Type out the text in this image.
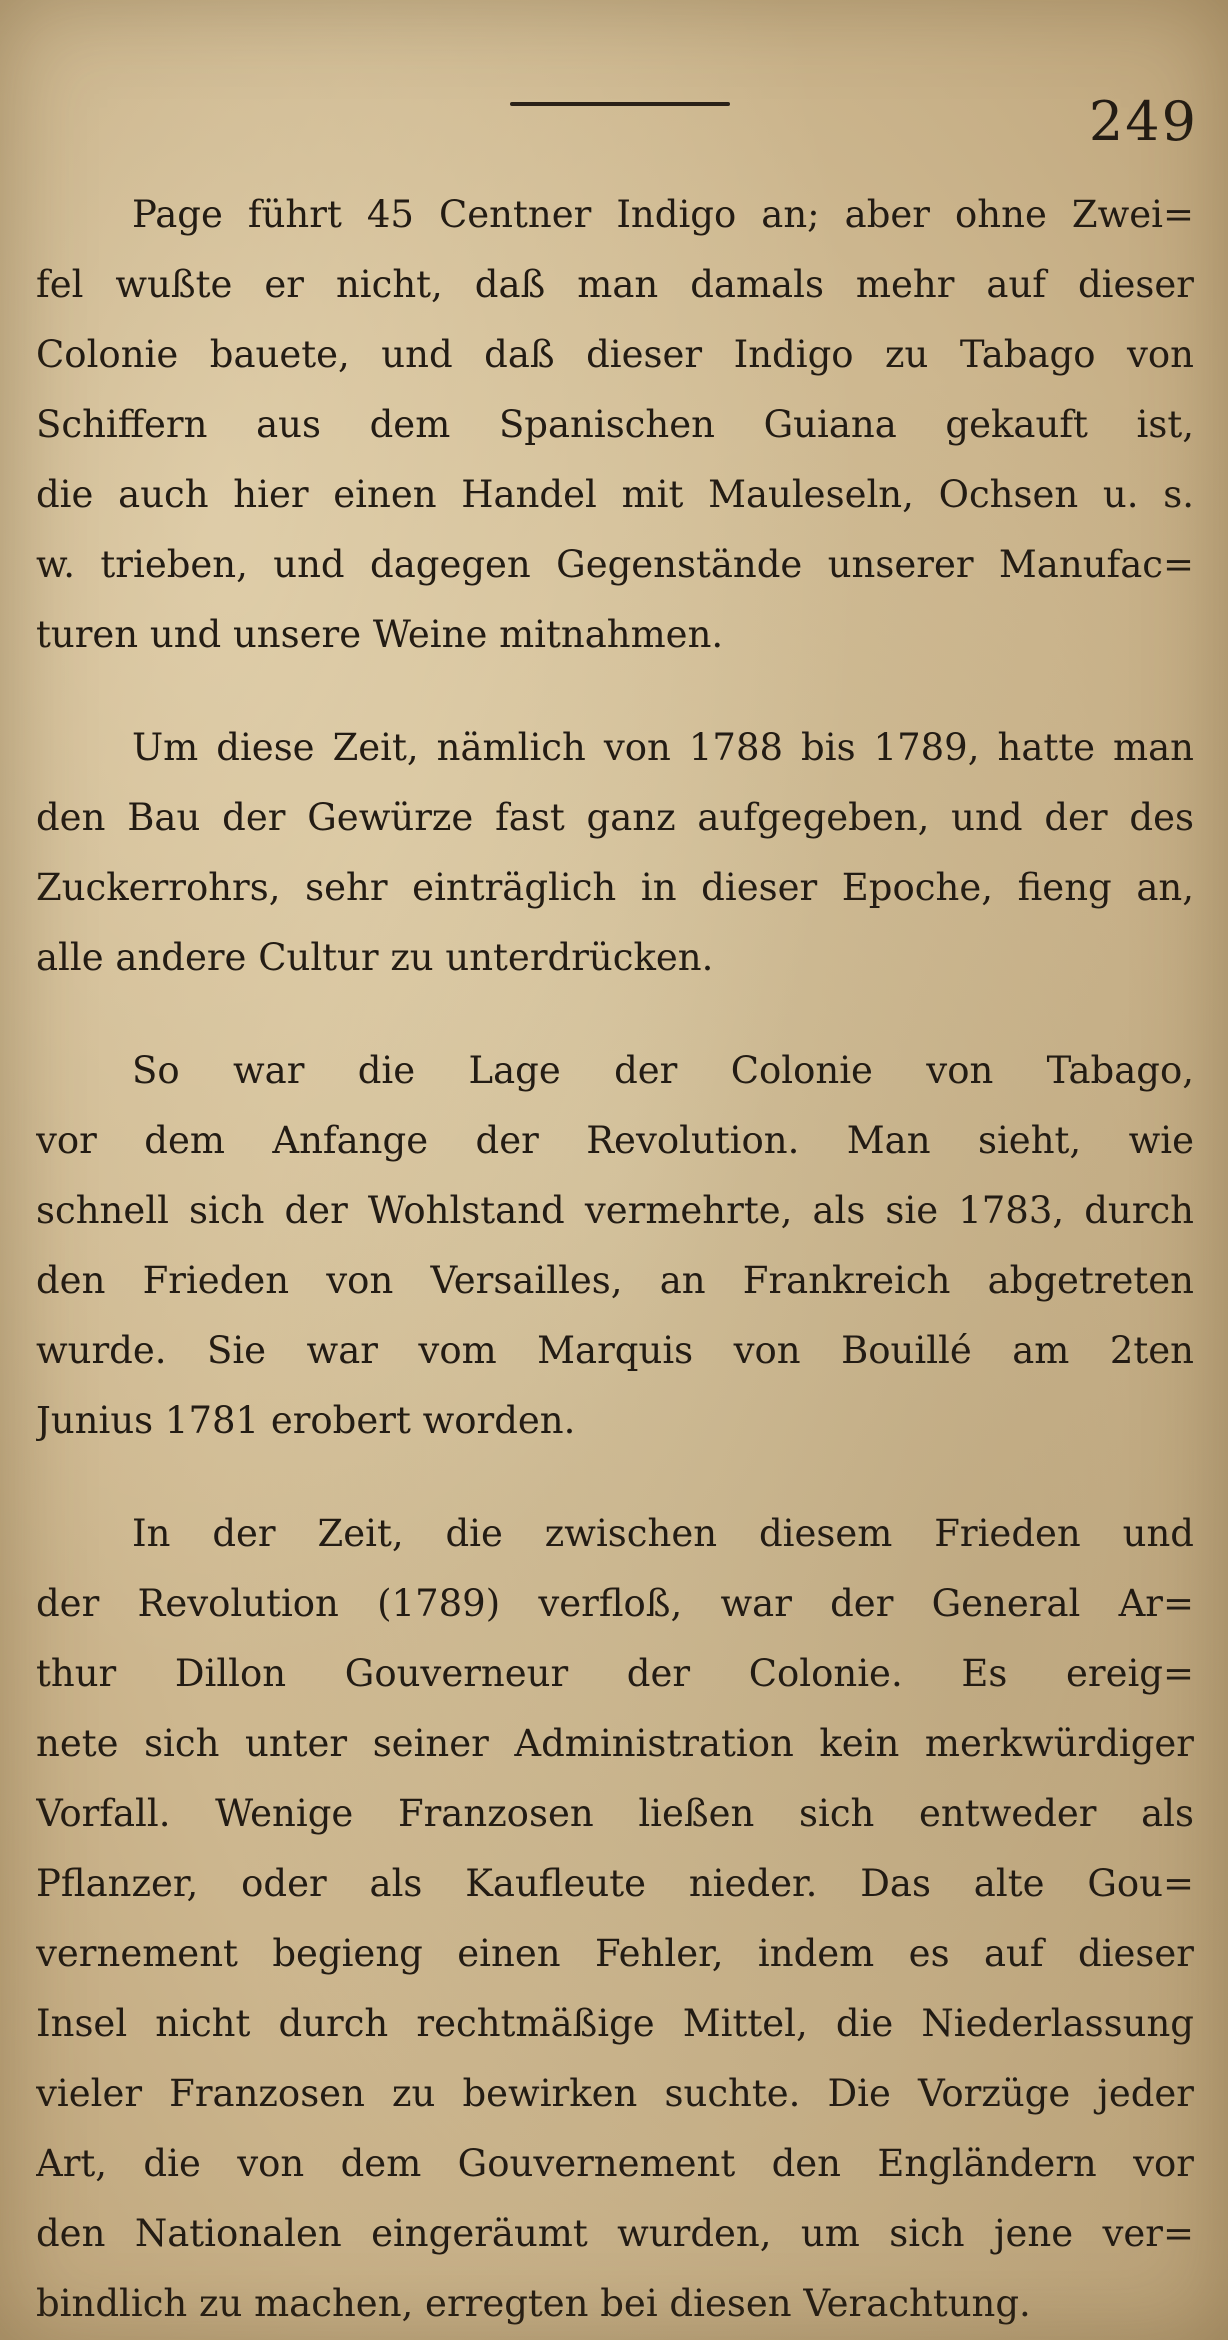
249

Page führt 45 Centner Indigo an; aber ohne Zwei=
fel wußte er nicht, daß man damals mehr auf dieser
Colonie bauete, und daß dieser Indigo zu Tabago von
Schiffern aus dem Spanischen Guiana gekauft ist,
die auch hier einen Handel mit Mauleseln, Ochsen u. s.
w. trieben, und dagegen Gegenstände unserer Manufac=
turen und unsere Weine mitnahmen.

Um diese Zeit, nämlich von 1788 bis 1789, hatte man
den Bau der Gewürze fast ganz aufgegeben, und der des
Zuckerrohrs, sehr einträglich in dieser Epoche, fieng an,
alle andere Cultur zu unterdrücken.

So war die Lage der Colonie von Tabago,
vor dem Anfange der Revolution. Man sieht, wie
schnell sich der Wohlstand vermehrte, als sie 1783, durch
den Frieden von Versailles, an Frankreich abgetreten
wurde. Sie war vom Marquis von Bouillé am 2ten
Junius 1781 erobert worden.

In der Zeit, die zwischen diesem Frieden und
der Revolution (1789) verfloß, war der General Ar=
thur Dillon Gouverneur der Colonie. Es ereig=
nete sich unter seiner Administration kein merkwürdiger
Vorfall. Wenige Franzosen ließen sich entweder als
Pflanzer, oder als Kaufleute nieder. Das alte Gou=
vernement begieng einen Fehler, indem es auf dieser
Insel nicht durch rechtmäßige Mittel, die Niederlassung
vieler Franzosen zu bewirken suchte. Die Vorzüge jeder
Art, die von dem Gouvernement den Engländern vor
den Nationalen eingeräumt wurden, um sich jene ver=
bindlich zu machen, erregten bei diesen Verachtung.
